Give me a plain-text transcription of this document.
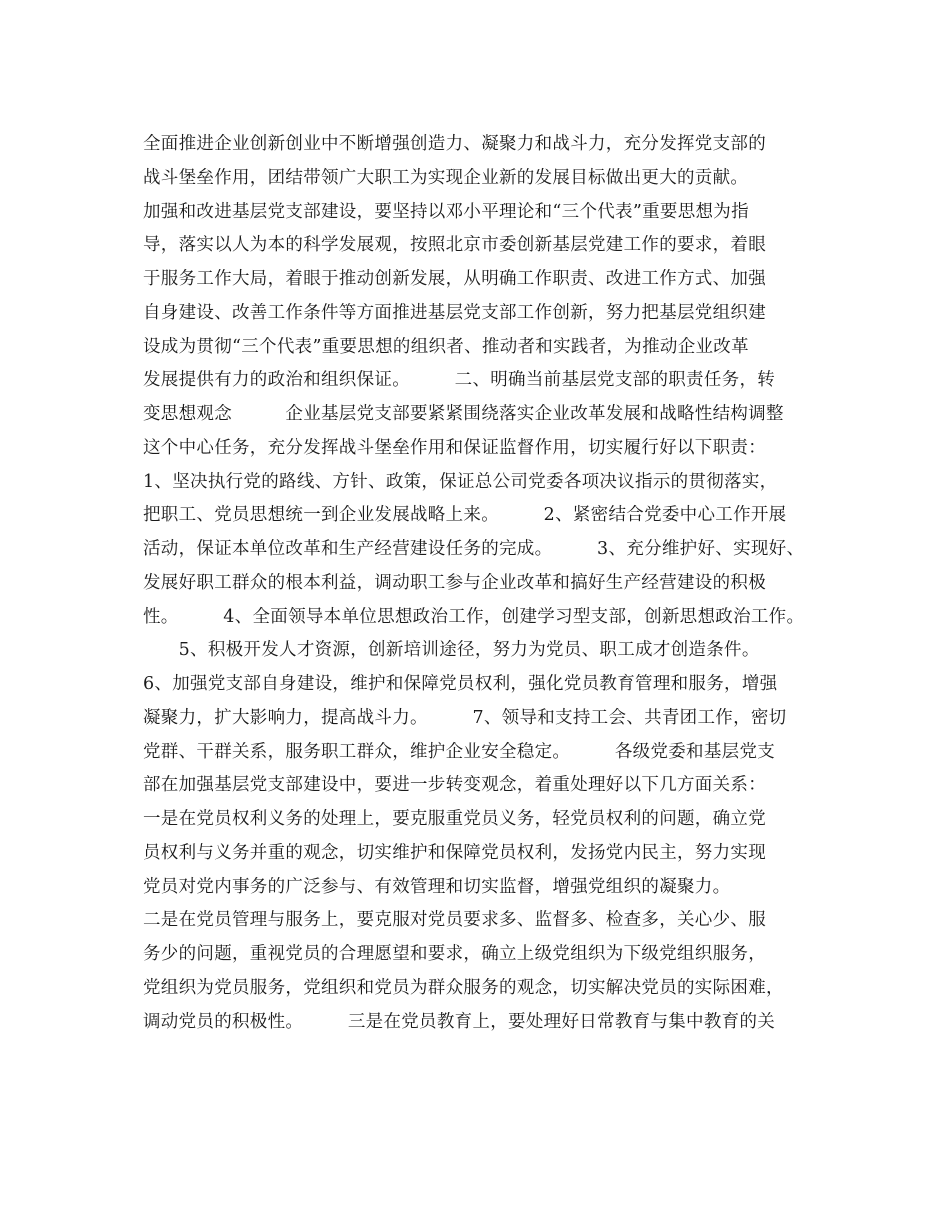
全面推进企业创新创业中不断增强创造力、凝聚力和战斗力，充分发挥党支部的
战斗堡垒作用，团结带领广大职工为实现企业新的发展目标做出更大的贡献。
加强和改进基层党支部建设，要坚持以邓小平理论和“三个代表”重要思想为指
导，落实以人为本的科学发展观，按照北京市委创新基层党建工作的要求，着眼
于服务工作大局，着眼于推动创新发展，从明确工作职责、改进工作方式、加强
自身建设、改善工作条件等方面推进基层党支部工作创新，努力把基层党组织建
设成为贯彻“三个代表”重要思想的组织者、推动者和实践者，为推动企业改革
发展提供有力的政治和组织保证。　　　二、明确当前基层党支部的职责任务，转
变思想观念　　　企业基层党支部要紧紧围绕落实企业改革发展和战略性结构调整
这个中心任务，充分发挥战斗堡垒作用和保证监督作用，切实履行好以下职责：
1、坚决执行党的路线、方针、政策，保证总公司党委各项决议指示的贯彻落实，
把职工、党员思想统一到企业发展战略上来。　　　2、紧密结合党委中心工作开展
活动，保证本单位改革和生产经营建设任务的完成。　　　3、充分维护好、实现好、
发展好职工群众的根本利益，调动职工参与企业改革和搞好生产经营建设的积极
性。　　　4、全面领导本单位思想政治工作，创建学习型支部，创新思想政治工作。
　　5、积极开发人才资源，创新培训途径，努力为党员、职工成才创造条件。
6、加强党支部自身建设，维护和保障党员权利，强化党员教育管理和服务，增强
凝聚力，扩大影响力，提高战斗力。　　　7、领导和支持工会、共青团工作，密切
党群、干群关系，服务职工群众，维护企业安全稳定。　　　各级党委和基层党支
部在加强基层党支部建设中，要进一步转变观念，着重处理好以下几方面关系：
一是在党员权利义务的处理上，要克服重党员义务，轻党员权利的问题，确立党
员权利与义务并重的观念，切实维护和保障党员权利，发扬党内民主，努力实现
党员对党内事务的广泛参与、有效管理和切实监督，增强党组织的凝聚力。
二是在党员管理与服务上，要克服对党员要求多、监督多、检查多，关心少、服
务少的问题，重视党员的合理愿望和要求，确立上级党组织为下级党组织服务，
党组织为党员服务，党组织和党员为群众服务的观念，切实解决党员的实际困难，
调动党员的积极性。　　　三是在党员教育上，要处理好日常教育与集中教育的关
